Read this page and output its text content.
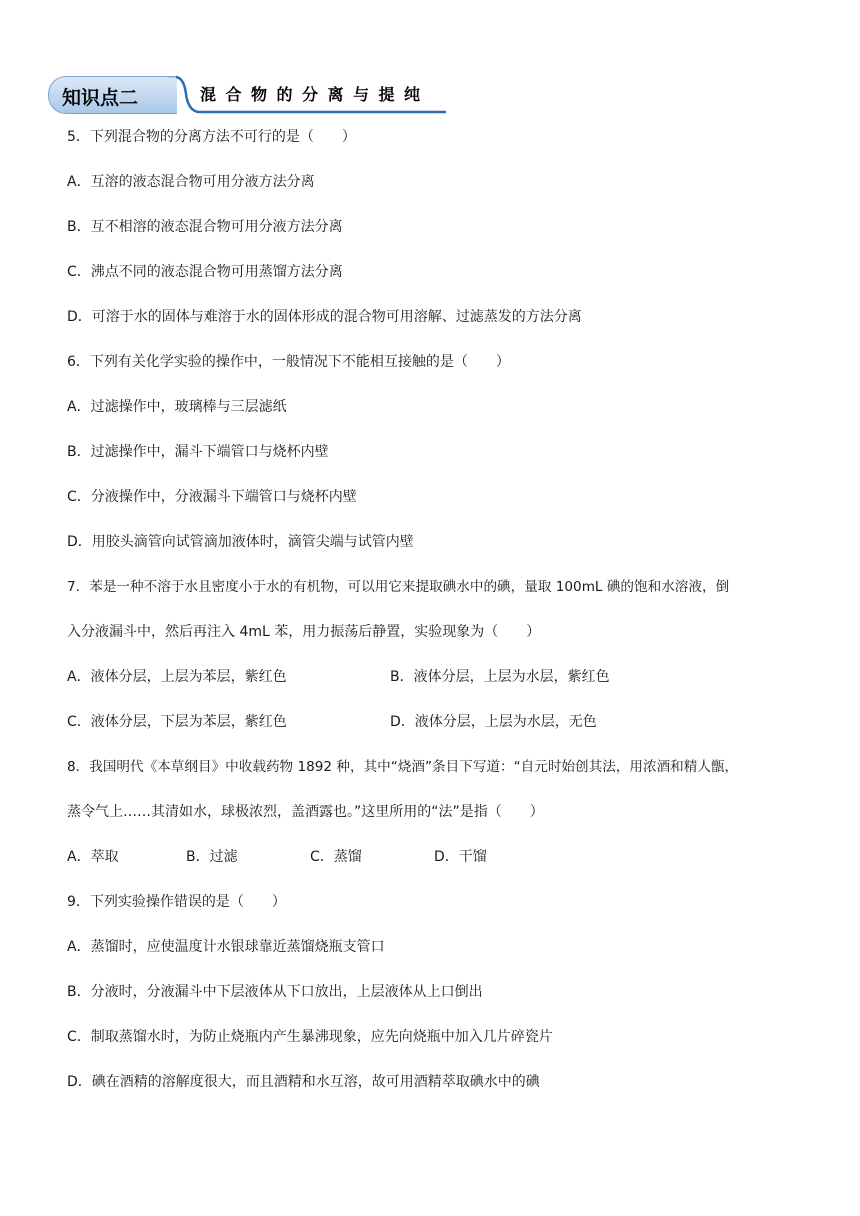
知识点二	混合物的分离与提纯
5．下列混合物的分离方法不可行的是（　　）
A．互溶的液态混合物可用分液方法分离
B．互不相溶的液态混合物可用分液方法分离
C．沸点不同的液态混合物可用蒸馏方法分离
D．可溶于水的固体与难溶于水的固体形成的混合物可用溶解、过滤蒸发的方法分离
6．下列有关化学实验的操作中，一般情况下不能相互接触的是（　　）
A．过滤操作中，玻璃棒与三层滤纸
B．过滤操作中，漏斗下端管口与烧杯内壁
C．分液操作中，分液漏斗下端管口与烧杯内壁
D．用胶头滴管向试管滴加液体时，滴管尖端与试管内壁
7．苯是一种不溶于水且密度小于水的有机物，可以用它来提取碘水中的碘，量取 100mL 碘的饱和水溶液，倒
入分液漏斗中，然后再注入 4mL 苯，用力振荡后静置，实验现象为（　　）
A．液体分层，上层为苯层，紫红色	B．液体分层，上层为水层，紫红色
C．液体分层，下层为苯层，紫红色	D．液体分层，上层为水层，无色
8．我国明代《本草纲目》中收载药物 1892 种，其中“烧酒”条目下写道：“自元时始创其法，用浓酒和精人甑，
蒸令气上……其清如水，球极浓烈，盖酒露也。”这里所用的“法”是指（　　）
A．萃取	B．过滤	C．蒸馏	D．干馏
9．下列实验操作错误的是（　　）
A．蒸馏时，应使温度计水银球靠近蒸馏烧瓶支管口
B．分液时，分液漏斗中下层液体从下口放出，上层液体从上口倒出
C．制取蒸馏水时，为防止烧瓶内产生暴沸现象，应先向烧瓶中加入几片碎瓷片
D．碘在酒精的溶解度很大，而且酒精和水互溶，故可用酒精萃取碘水中的碘
